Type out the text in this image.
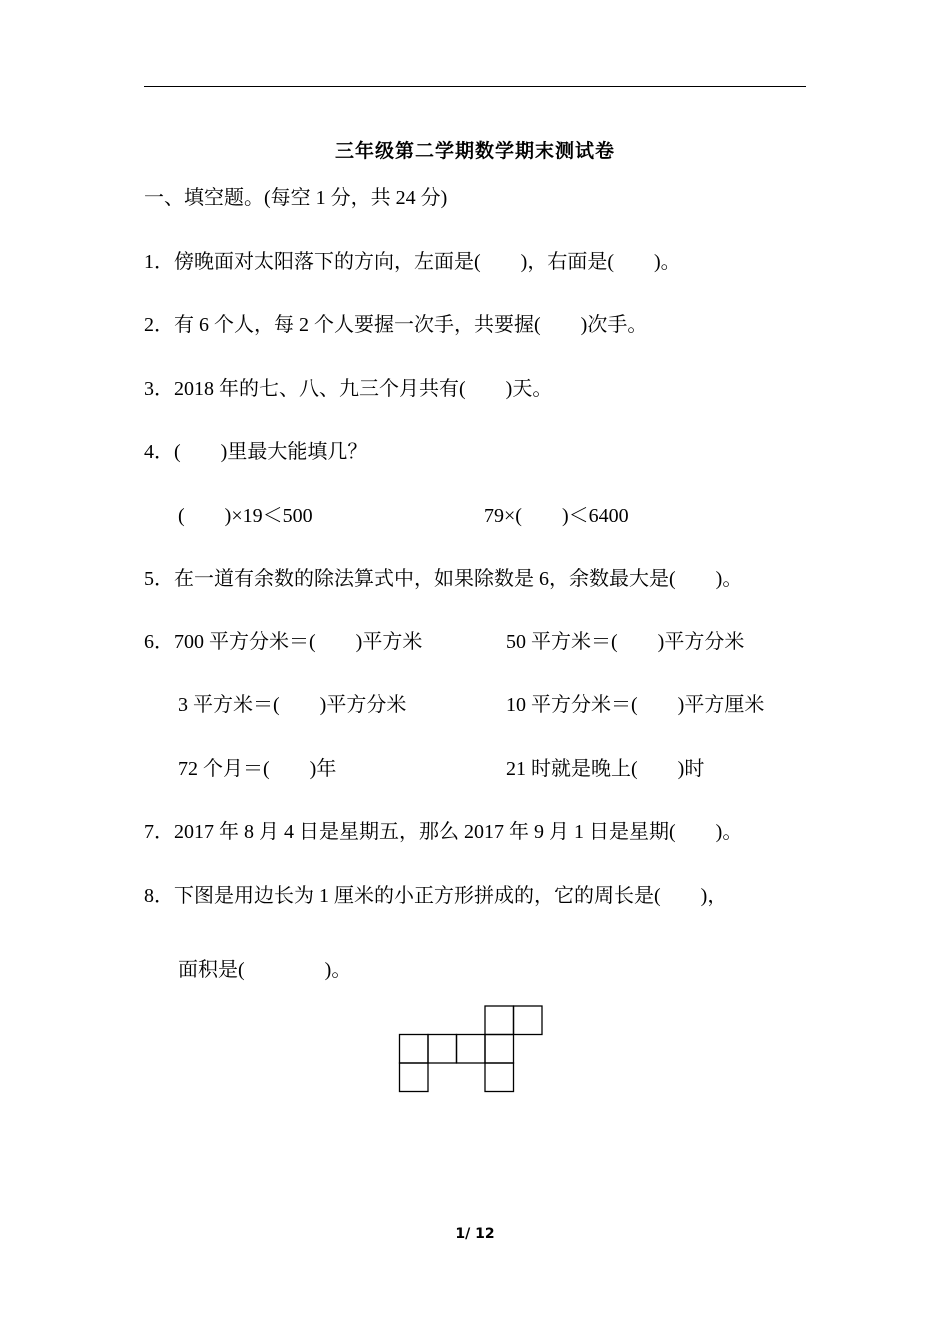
三年级第二学期数学期末测试卷
一、填空题。(每空 1 分，共 24 分)
1．傍晚面对太阳落下的方向，左面是(　　)，右面是(　　)。
2．有 6 个人，每 2 个人要握一次手，共要握(　　)次手。
3．2018 年的七、八、九三个月共有(　　)天。
4．(　　)里最大能填几？
(　　)×19＜500	79×(　　)＜6400
5．在一道有余数的除法算式中，如果除数是 6，余数最大是(　　)。
6．700 平方分米＝(　　)平方米	50 平方米＝(　　)平方分米
3 平方米＝(　　)平方分米	10 平方分米＝(　　)平方厘米
72 个月＝(　　)年	21 时就是晚上(　　)时
7．2017 年 8 月 4 日是星期五，那么 2017 年 9 月 1 日是星期(　　)。
8．下图是用边长为 1 厘米的小正方形拼成的，它的周长是(　　)，
面积是(　　　　)。
1/ 12
